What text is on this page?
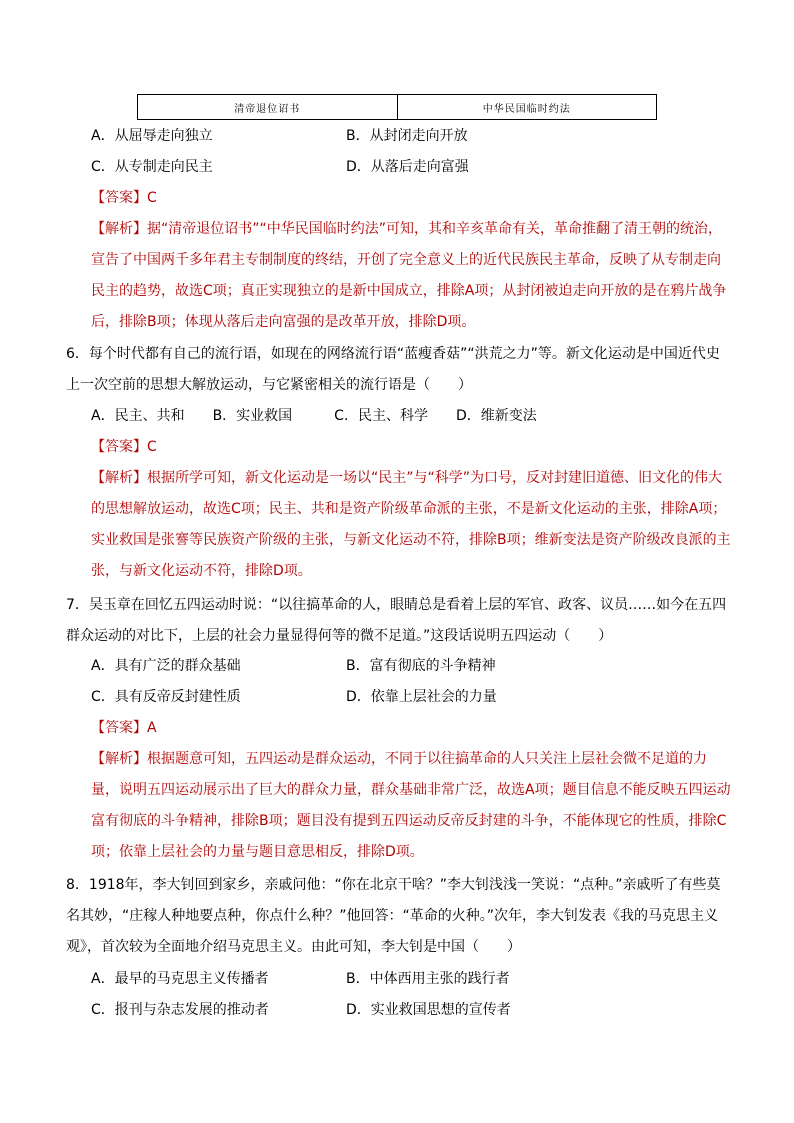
清帝退位诏书	中华民国临时约法
A．从屈辱走向独立	B．从封闭走向开放
C．从专制走向民主	D．从落后走向富强
【答案】C
【解析】据“清帝退位诏书”“中华民国临时约法”可知，其和辛亥革命有关，革命推翻了清王朝的统治，宣告了中国两千多年君主专制制度的终结，开创了完全意义上的近代民族民主革命，反映了从专制走向民主的趋势，故选C项；真正实现独立的是新中国成立，排除A项；从封闭被迫走向开放的是在鸦片战争后，排除B项；体现从落后走向富强的是改革开放，排除D项。
6．每个时代都有自己的流行语，如现在的网络流行语“蓝瘦香菇”“洪荒之力”等。新文化运动是中国近代史上一次空前的思想大解放运动，与它紧密相关的流行语是（　　）
A．民主、共和　　B．实业救国　　　C．民主、科学　　D．维新变法
【答案】C
【解析】根据所学可知，新文化运动是一场以“民主”与“科学”为口号，反对封建旧道德、旧文化的伟大的思想解放运动，故选C项；民主、共和是资产阶级革命派的主张，不是新文化运动的主张，排除A项；实业救国是张謇等民族资产阶级的主张，与新文化运动不符，排除B项；维新变法是资产阶级改良派的主张，与新文化运动不符，排除D项。
7．吴玉章在回忆五四运动时说：“以往搞革命的人，眼睛总是看着上层的军官、政客、议员……如今在五四群众运动的对比下，上层的社会力量显得何等的微不足道。”这段话说明五四运动（　　）
A．具有广泛的群众基础	B．富有彻底的斗争精神
C．具有反帝反封建性质	D．依靠上层社会的力量
【答案】A
【解析】根据题意可知，五四运动是群众运动，不同于以往搞革命的人只关注上层社会微不足道的力量，说明五四运动展示出了巨大的群众力量，群众基础非常广泛，故选A项；题目信息不能反映五四运动富有彻底的斗争精神，排除B项；题目没有提到五四运动反帝反封建的斗争，不能体现它的性质，排除C项；依靠上层社会的力量与题目意思相反，排除D项。
8．1918年，李大钊回到家乡，亲戚问他：“你在北京干啥？”李大钊浅浅一笑说：“点种。”亲戚听了有些莫名其妙，“庄稼人种地要点种，你点什么种？”他回答：“革命的火种。”次年，李大钊发表《我的马克思主义观》，首次较为全面地介绍马克思主义。由此可知，李大钊是中国（　　）
A．最早的马克思主义传播者	B．中体西用主张的践行者
C．报刊与杂志发展的推动者	D．实业救国思想的宣传者
